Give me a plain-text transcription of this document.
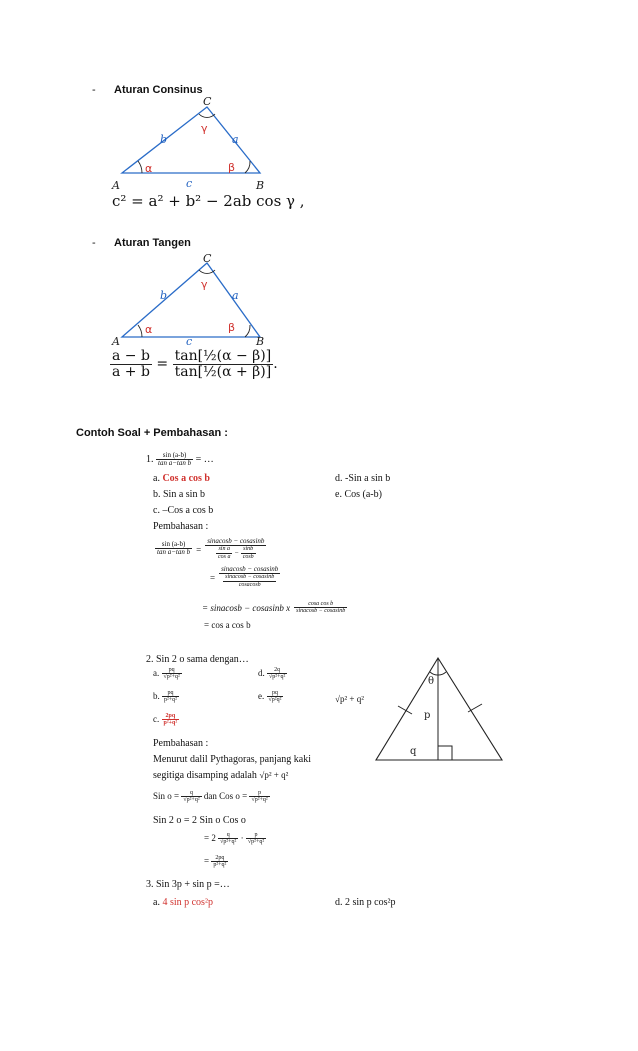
- Aturan Consinus
A	B
C
b	a
c
α	β
γ
c² = a² + b² − 2ab cos γ ,
- Aturan Tangen
A	B
C
b	a
c
α	β
γ
$\frac{a - b}{a + b} = \frac{\text{tan[½(α − β)]}}{\text{tan[½(α + β)]}}$ .
Contoh Soal + Pembahasan :
1. $\frac{\sin (a-b)}{\text{tan a−tan b}}$ = …
a. Cos a cos b
b. Sin a sin b
c. –Cos a cos b
d. -Sin a sin b
e. Cos (a-b)
Pembahasan :
$\frac{\sin (a-b)}{\text{tan a−tan b}} = \frac{\text{sinacosb − cosasinb}}{\frac{\text{sin a}}{\text{cos a}} - \frac{\sin b}{\cos b}}$
= $\frac{\text{sinacosb − cosasinb}}{\frac{\text{sinacosb − cosasinb}}{\text{cosacosb}}}$
= sinacosb − cosasinb x $\frac{\text{cosa cos b}}{\text{sinacosb − cosasinb}}$
= cos a cos b
2. Sin 2 ο sama dengan…
a. $\frac{pq}{\text{√p²+q²}}$
b. $\frac{pq}{\text{p²+q²}}$
c. $\frac{2pq}{\text{p²+q²}}$
d. $\frac{2q}{\text{√p²+q²}}$
e. $\frac{pq}{\text{√p²q²}}$	√p² + q²
θ
p
q
Pembahasan :
Menurut dalil Pythagoras, panjang kaki
segitiga disamping adalah √p² + q²
Sin $o = \frac{q}{\text{√p²+q²}}$ dan Cos $o = \frac{p}{\text{√p²+q²}}$
Sin 2 ο = 2 Sin ο Cos ο
= $2 \frac{q}{\text{√p²+q²}} \cdot \frac{p}{\text{√p²+q²}}$
= $\frac{2pq}{\text{p²+q²}}$
3. Sin 3p + sin p =…
a. 4 sin p cos²p	d. 2 sin p cos²p
